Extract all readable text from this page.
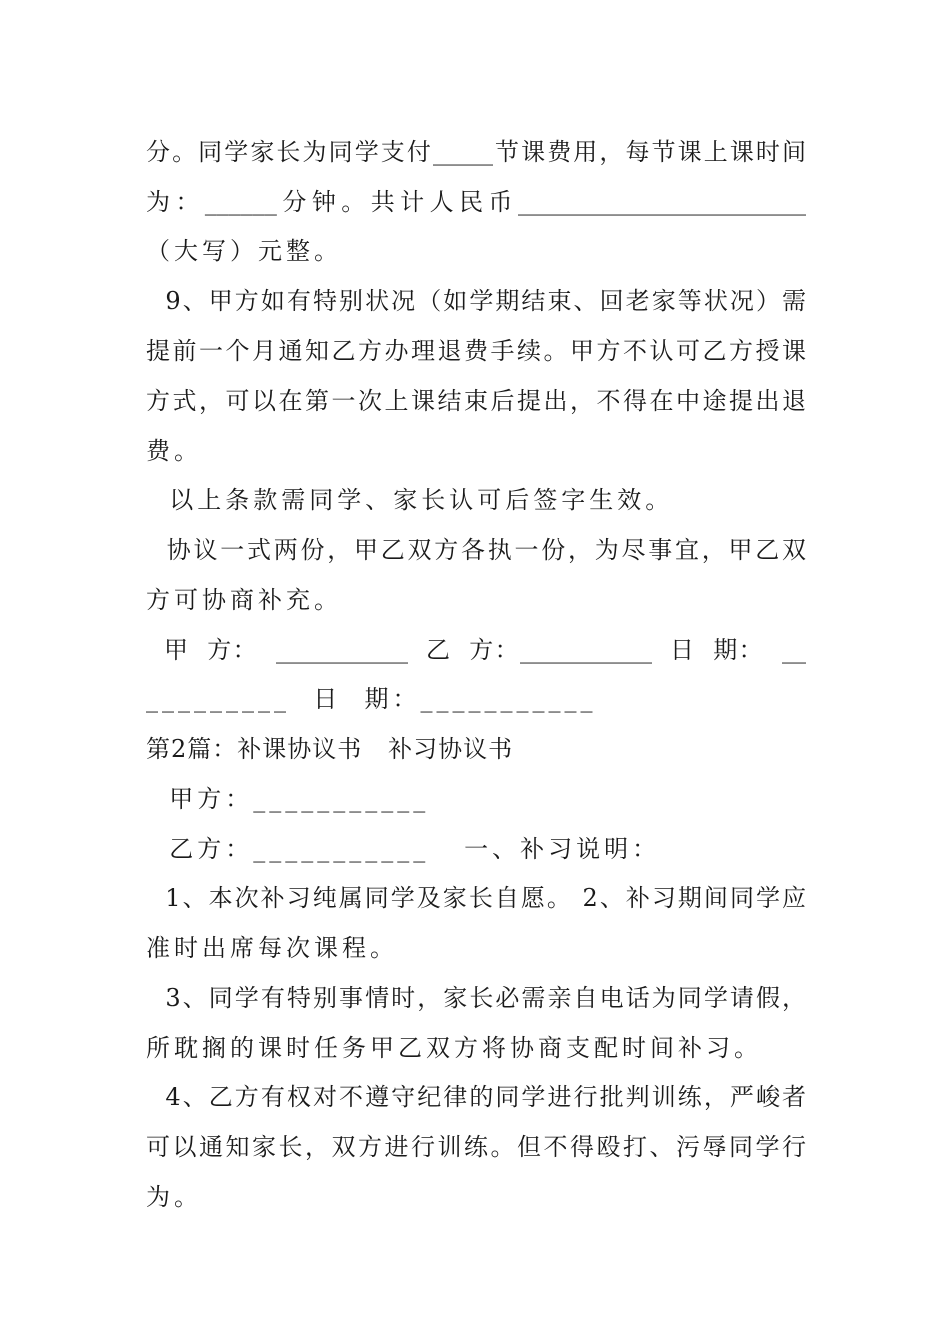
分。同学家长为同学支付_____节课费用，每节课上课时间
为：______分钟。共计人民币________________________
（大写）元整。
9、甲方如有特别状况（如学期结束、回老家等状况）需
提前一个月通知乙方办理退费手续。甲方不认可乙方授课
方式，可以在第一次上课结束后提出，不得在中途提出退
费。
以上条款需同学、家长认可后签字生效。
协议一式两份，甲乙双方各执一份，为尽事宜，甲乙双
方可协商补充。
甲  方：  ___________  乙  方：___________  日  期：  __
_________  日  期：___________
第2篇：补课协议书   补习协议书
甲方：___________
乙方：___________   一、补习说明：
1、本次补习纯属同学及家长自愿。 2、补习期间同学应
准时出席每次课程。
3、同学有特别事情时，家长必需亲自电话为同学请假，
所耽搁的课时任务甲乙双方将协商支配时间补习。
4、乙方有权对不遵守纪律的同学进行批判训练，严峻者
可以通知家长，双方进行训练。但不得殴打、污辱同学行
为。
